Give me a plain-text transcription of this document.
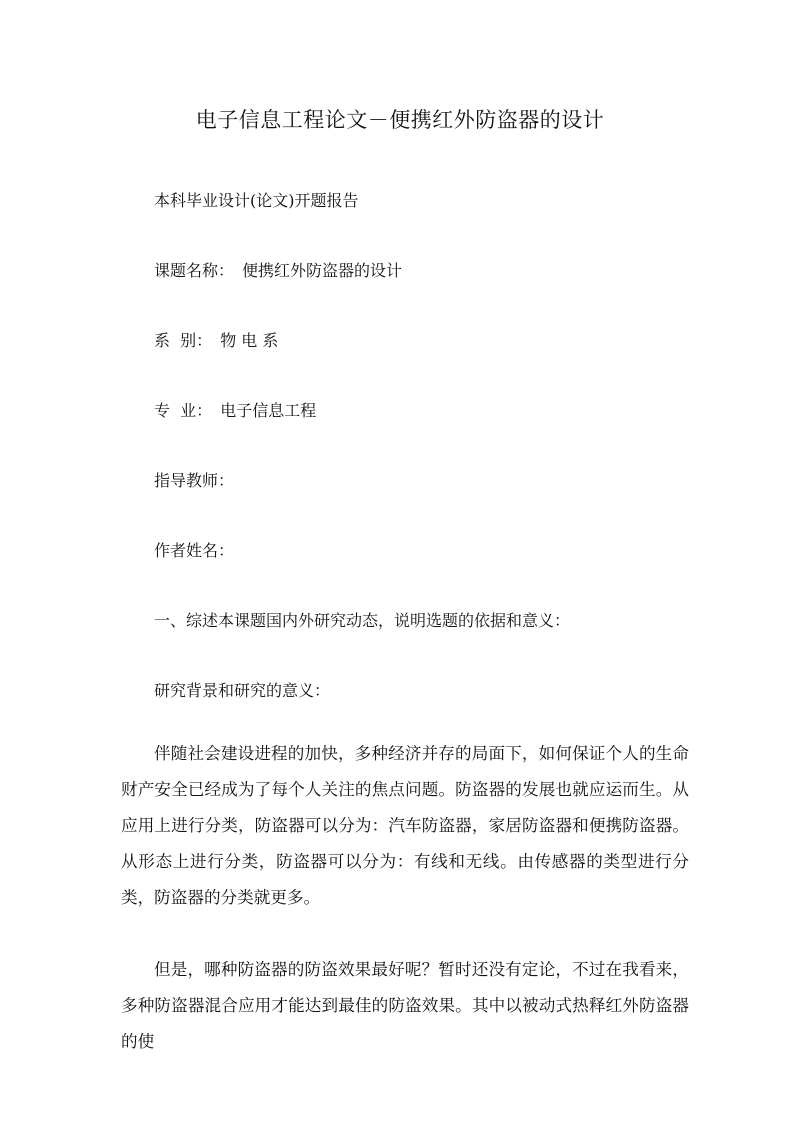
电子信息工程论文－便携红外防盗器的设计
本科毕业设计(论文)开题报告
课题名称： 便携红外防盗器的设计
系  别： 物 电 系
专  业： 电子信息工程
指导教师：
作者姓名：
一、综述本课题国内外研究动态，说明选题的依据和意义：
研究背景和研究的意义：
伴随社会建设进程的加快，多种经济并存的局面下，如何保证个人的生命财产安全已经成为了每个人关注的焦点问题。防盗器的发展也就应运而生。从应用上进行分类，防盗器可以分为：汽车防盗器，家居防盗器和便携防盗器。从形态上进行分类，防盗器可以分为：有线和无线。由传感器的类型进行分类，防盗器的分类就更多。
但是，哪种防盗器的防盗效果最好呢？暂时还没有定论，不过在我看来，多种防盗器混合应用才能达到最佳的防盗效果。其中以被动式热释红外防盗器的使
